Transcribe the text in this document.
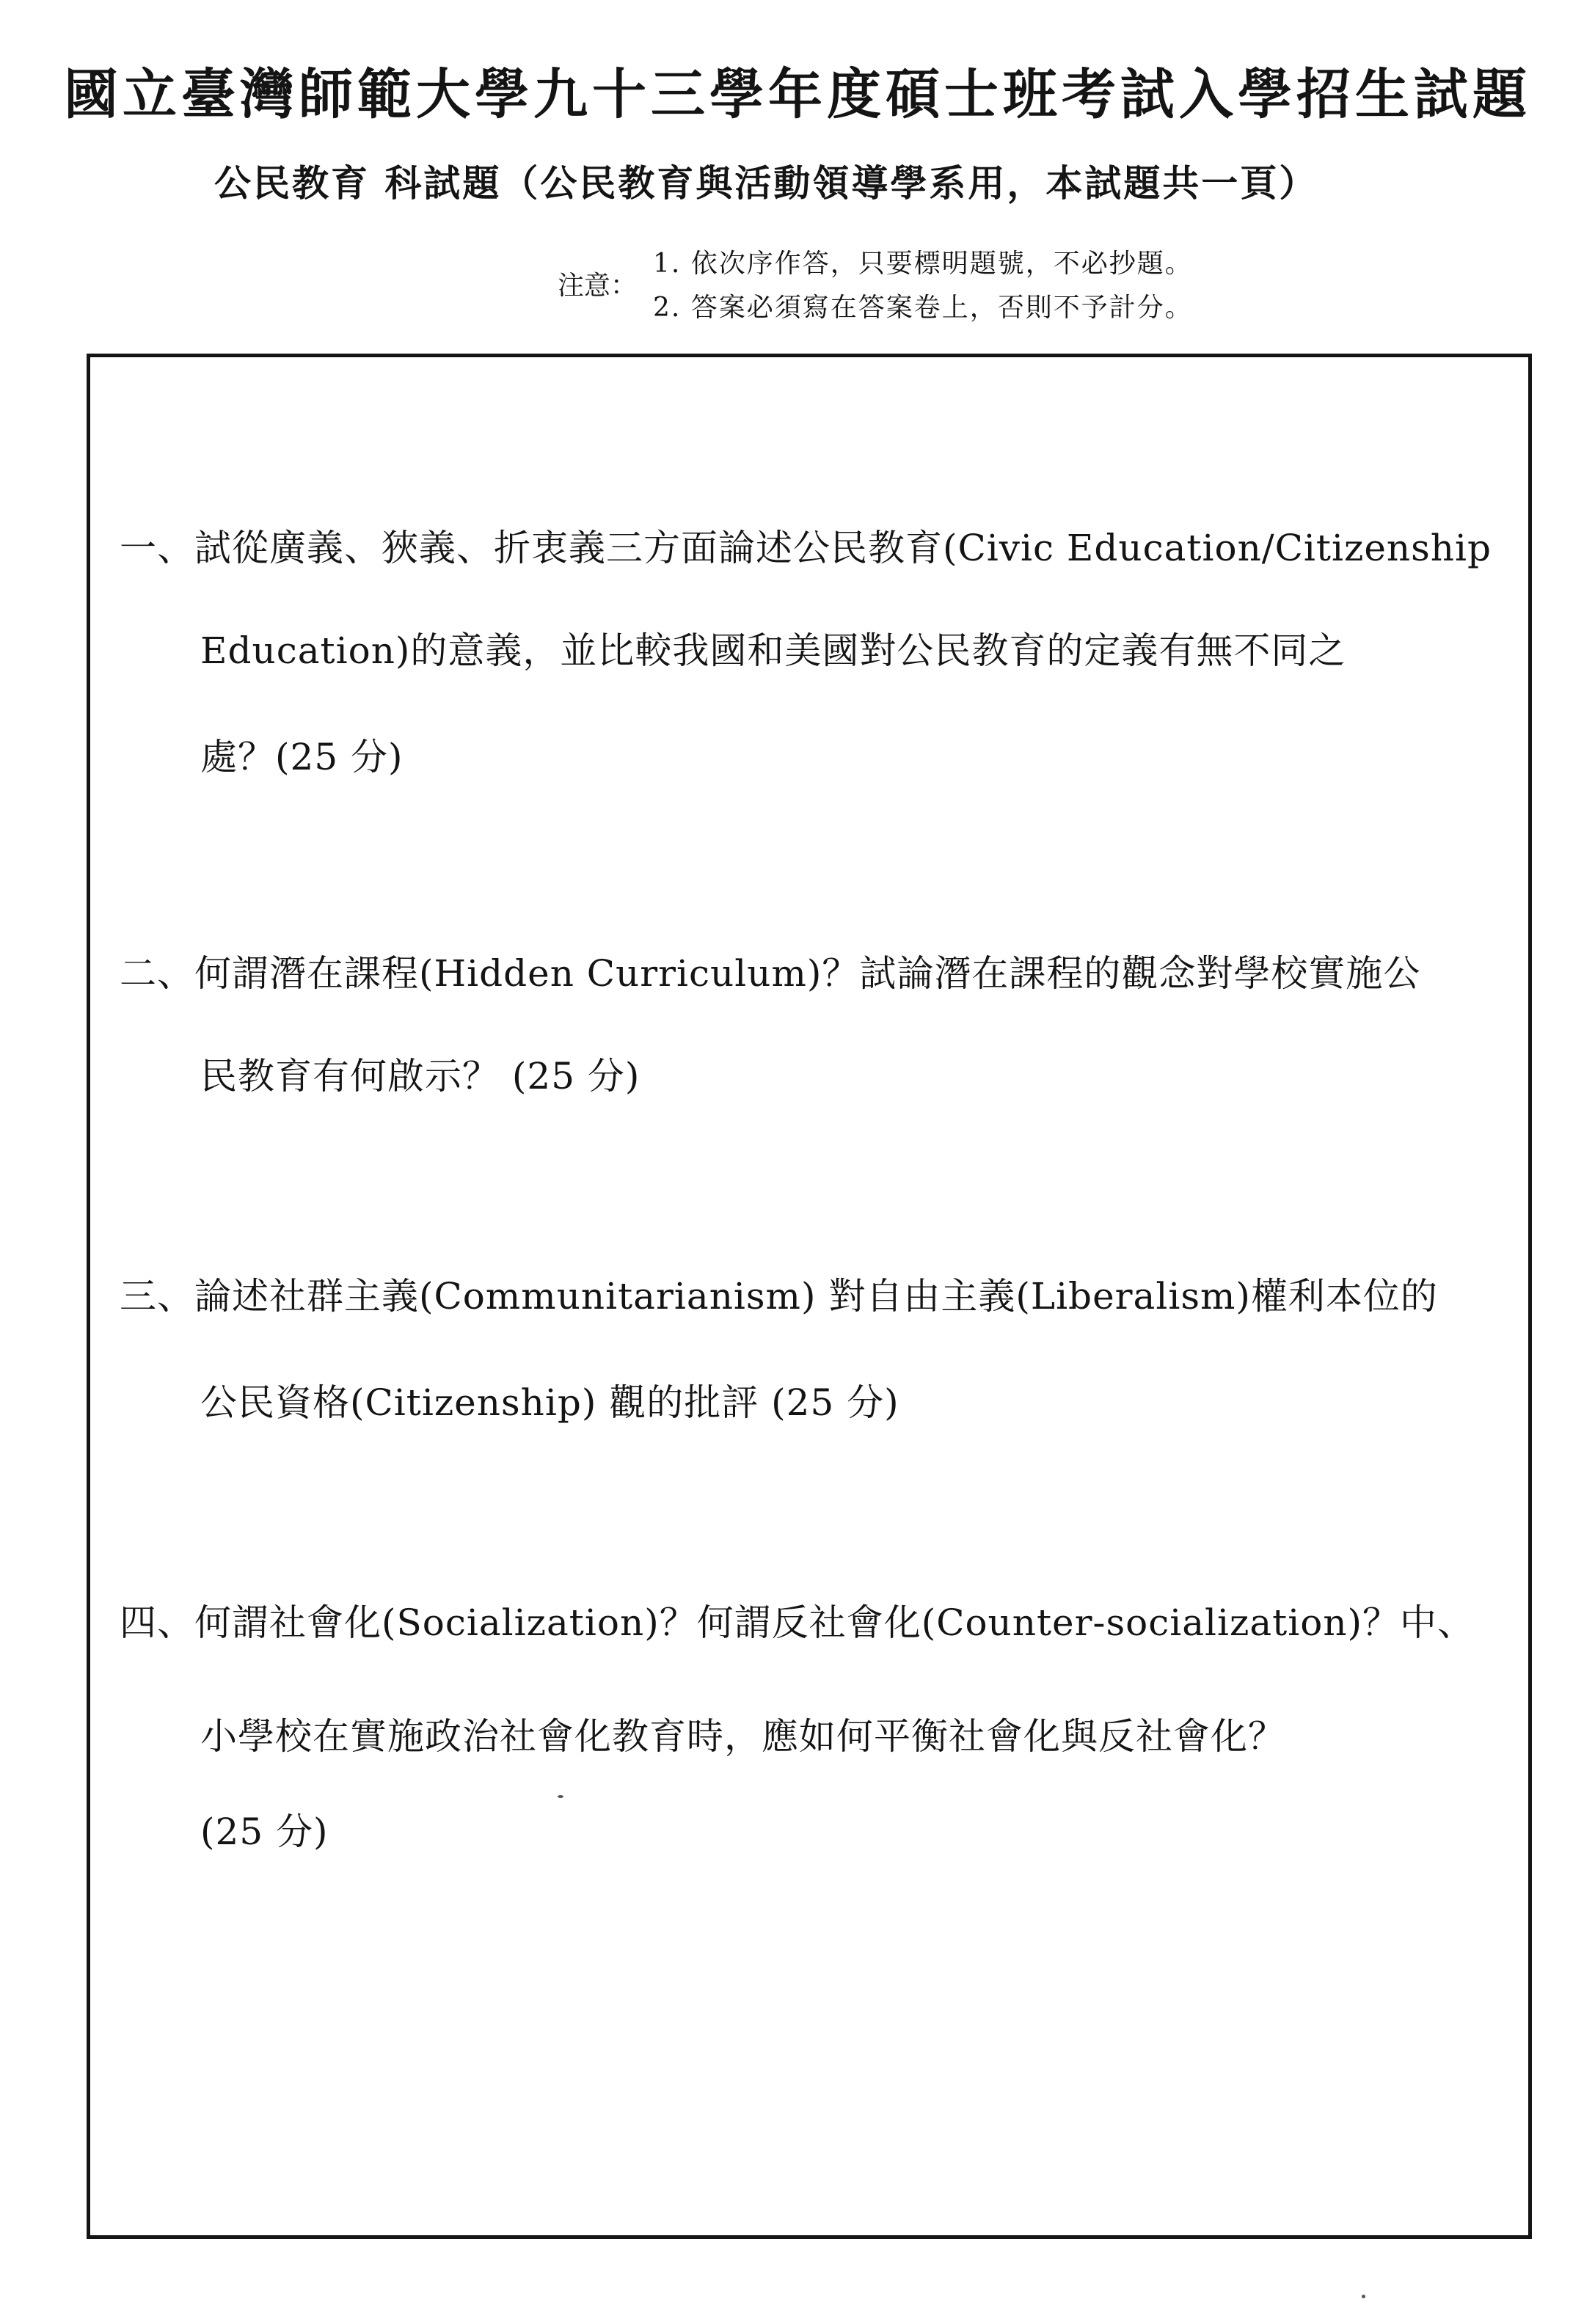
國立臺灣師範大學九十三學年度碩士班考試入學招生試題
公民教育 科試題（公民教育與活動領導學系用，本試題共一頁）
注意：
1. 依次序作答，只要標明題號，不必抄題。
2. 答案必須寫在答案卷上，否則不予計分。
一、試從廣義、狹義、折衷義三方面論述公民教育(Civic Education/Citizenship
Education)的意義，並比較我國和美國對公民教育的定義有無不同之
處？(25 分)
二、何謂潛在課程(Hidden Curriculum)？試論潛在課程的觀念對學校實施公
民教育有何啟示？ (25 分)
三、論述社群主義(Communitarianism) 對自由主義(Liberalism)權利本位的
公民資格(Citizenship) 觀的批評 (25 分)
四、何謂社會化(Socialization)？何謂反社會化(Counter-socialization)？中、
小學校在實施政治社會化教育時，應如何平衡社會化與反社會化？
(25 分)
